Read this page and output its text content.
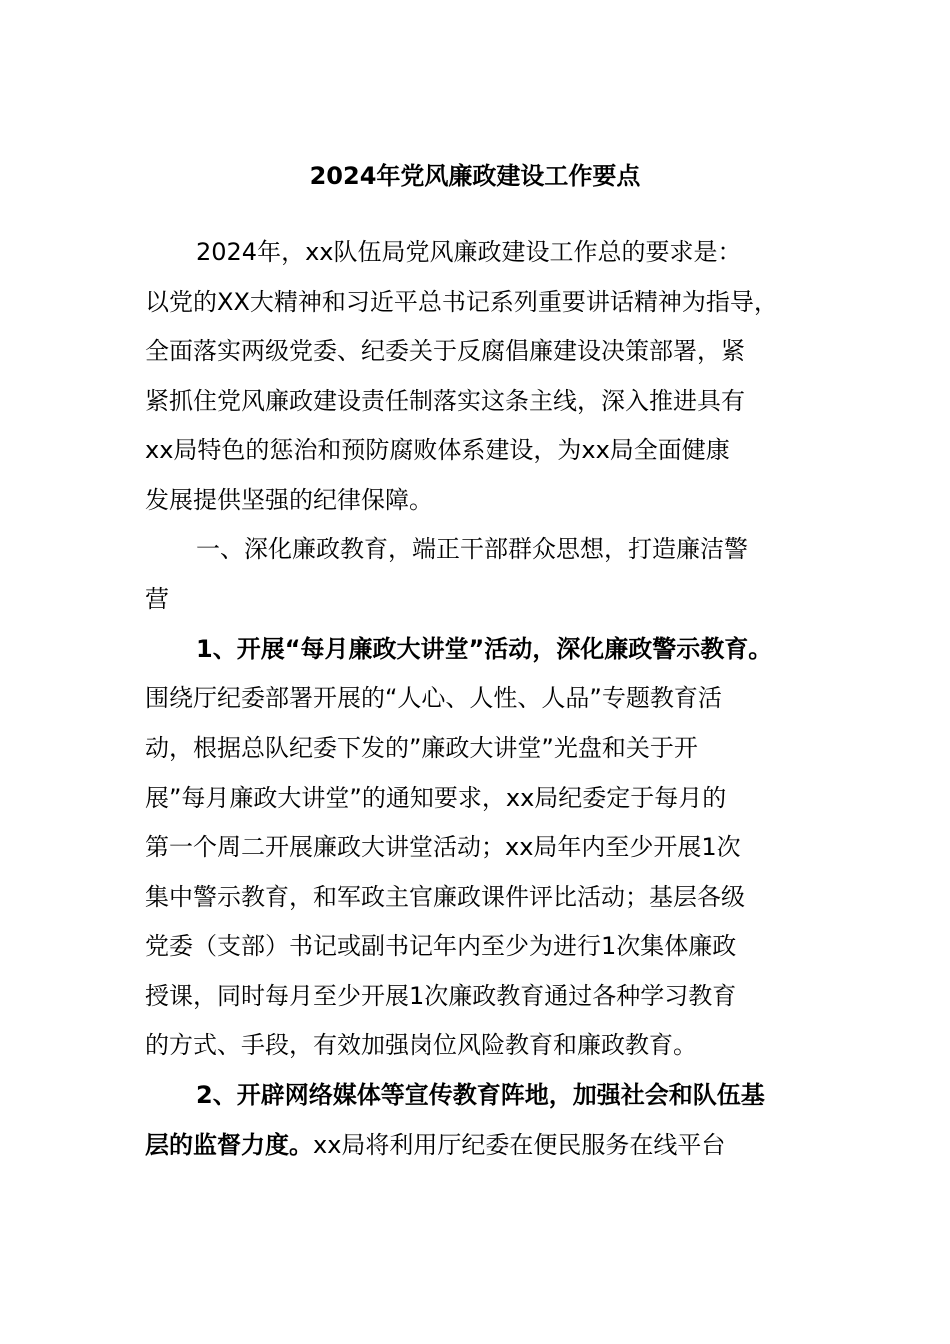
2024年党风廉政建设工作要点

2024年，xx队伍局党风廉政建设工作总的要求是：

以党的XX大精神和习近平总书记系列重要讲话精神为指导，

全面落实两级党委、纪委关于反腐倡廉建设决策部署，紧

紧抓住党风廉政建设责任制落实这条主线，深入推进具有

xx局特色的惩治和预防腐败体系建设，为xx局全面健康

发展提供坚强的纪律保障。

一、深化廉政教育，端正干部群众思想，打造廉洁警

营

1、开展“每月廉政大讲堂”活动，深化廉政警示教育。

围绕厅纪委部署开展的“人心、人性、人品”专题教育活

动，根据总队纪委下发的”廉政大讲堂”光盘和关于开

展”每月廉政大讲堂”的通知要求，xx局纪委定于每月的

第一个周二开展廉政大讲堂活动；xx局年内至少开展1次

集中警示教育，和军政主官廉政课件评比活动；基层各级

党委（支部）书记或副书记年内至少为进行1次集体廉政

授课，同时每月至少开展1次廉政教育通过各种学习教育

的方式、手段，有效加强岗位风险教育和廉政教育。

2、开辟网络媒体等宣传教育阵地，加强社会和队伍基

层的监督力度。xx局将利用厅纪委在便民服务在线平台
